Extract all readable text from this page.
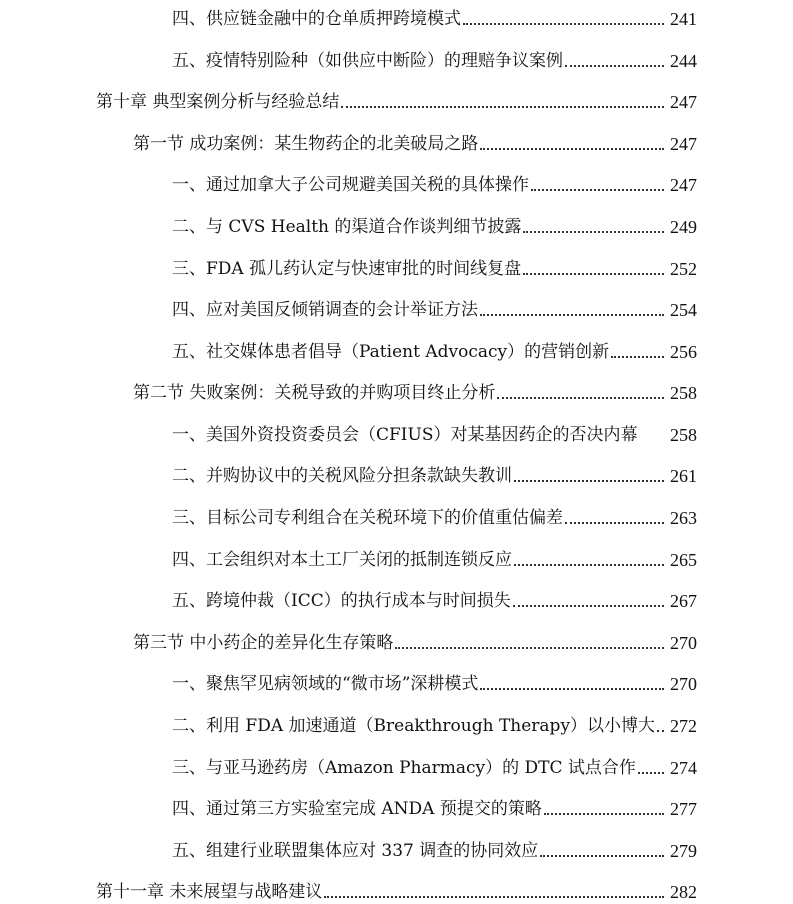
四、供应链金融中的仓单质押跨境模式	241
五、疫情特别险种（如供应中断险）的理赔争议案例	244
第十章 典型案例分析与经验总结	247
第一节 成功案例：某生物药企的北美破局之路	247
一、通过加拿大子公司规避美国关税的具体操作	247
二、与 CVS Health 的渠道合作谈判细节披露	249
三、FDA 孤儿药认定与快速审批的时间线复盘	252
四、应对美国反倾销调查的会计举证方法	254
五、社交媒体患者倡导（Patient Advocacy）的营销创新	256
第二节 失败案例：关税导致的并购项目终止分析	258
一、美国外资投资委员会（CFIUS）对某基因药企的否决内幕	258
二、并购协议中的关税风险分担条款缺失教训	261
三、目标公司专利组合在关税环境下的价值重估偏差	263
四、工会组织对本土工厂关闭的抵制连锁反应	265
五、跨境仲裁（ICC）的执行成本与时间损失	267
第三节 中小药企的差异化生存策略	270
一、聚焦罕见病领域的“微市场”深耕模式	270
二、利用 FDA 加速通道（Breakthrough Therapy）以小博大 272
三、与亚马逊药房（Amazon Pharmacy）的 DTC 试点合作 274
四、通过第三方实验室完成 ANDA 预提交的策略	277
五、组建行业联盟集体应对 337 调查的协同效应	279
第十一章 未来展望与战略建议	282
